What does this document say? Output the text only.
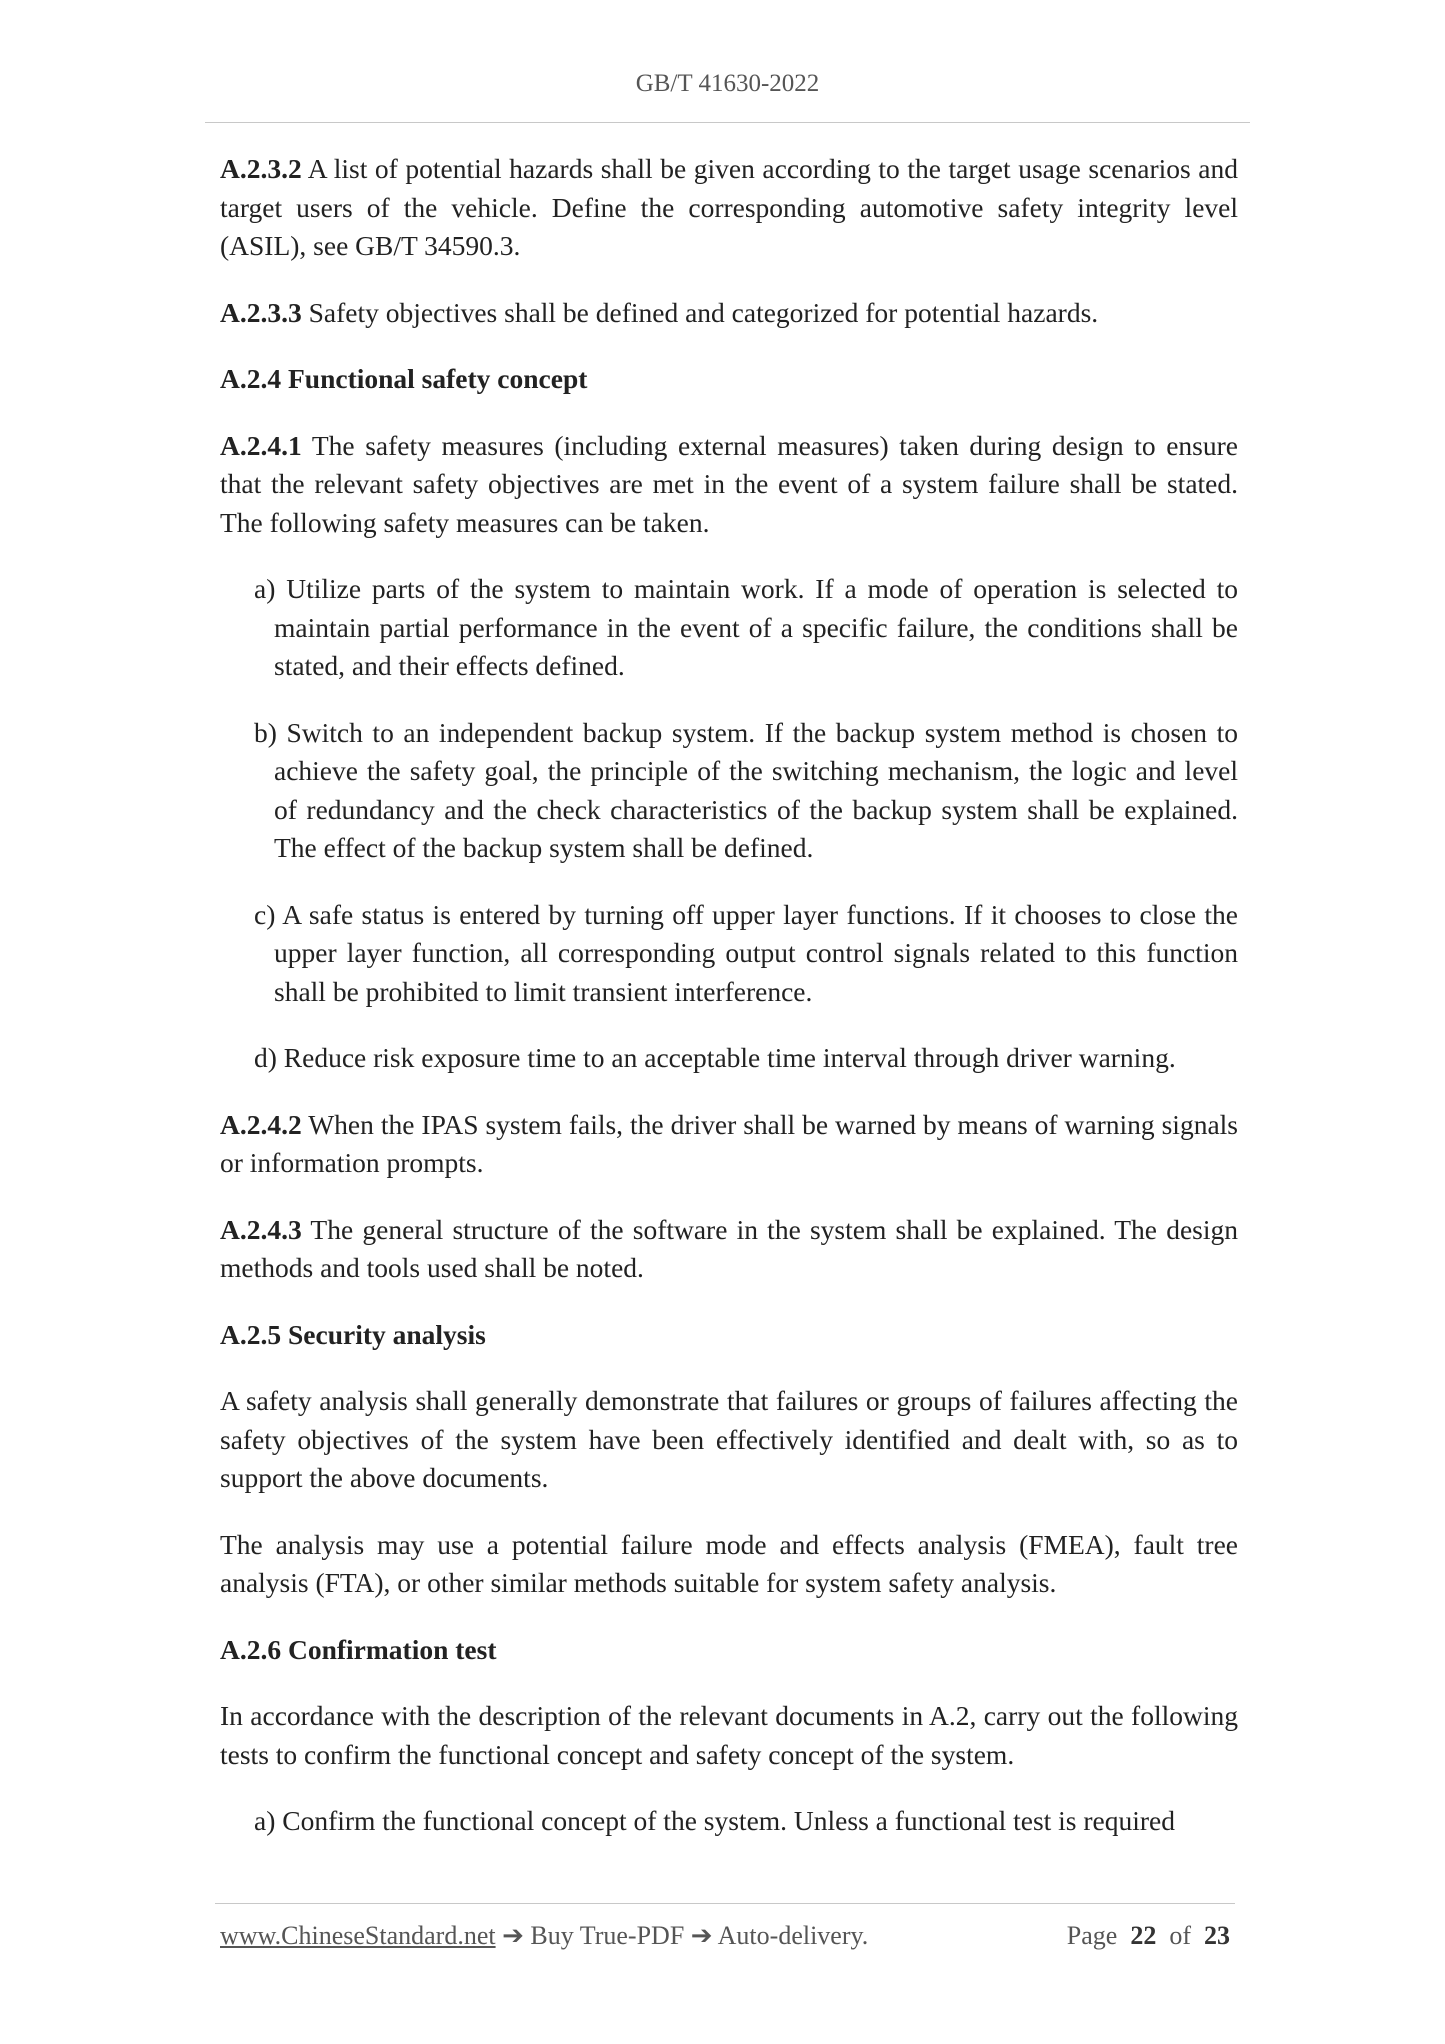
GB/T 41630-2022

A.2.3.2 A list of potential hazards shall be given according to the target usage scenarios and target users of the vehicle. Define the corresponding automotive safety integrity level (ASIL), see GB/T 34590.3.

A.2.3.3 Safety objectives shall be defined and categorized for potential hazards.

A.2.4 Functional safety concept

A.2.4.1 The safety measures (including external measures) taken during design to ensure that the relevant safety objectives are met in the event of a system failure shall be stated. The following safety measures can be taken.

a) Utilize parts of the system to maintain work. If a mode of operation is selected to maintain partial performance in the event of a specific failure, the conditions shall be stated, and their effects defined.

b) Switch to an independent backup system. If the backup system method is chosen to achieve the safety goal, the principle of the switching mechanism, the logic and level of redundancy and the check characteristics of the backup system shall be explained. The effect of the backup system shall be defined.

c) A safe status is entered by turning off upper layer functions. If it chooses to close the upper layer function, all corresponding output control signals related to this function shall be prohibited to limit transient interference.

d) Reduce risk exposure time to an acceptable time interval through driver warning.

A.2.4.2 When the IPAS system fails, the driver shall be warned by means of warning signals or information prompts.

A.2.4.3 The general structure of the software in the system shall be explained. The design methods and tools used shall be noted.

A.2.5 Security analysis

A safety analysis shall generally demonstrate that failures or groups of failures affecting the safety objectives of the system have been effectively identified and dealt with, so as to support the above documents.

The analysis may use a potential failure mode and effects analysis (FMEA), fault tree analysis (FTA), or other similar methods suitable for system safety analysis.

A.2.6 Confirmation test

In accordance with the description of the relevant documents in A.2, carry out the following tests to confirm the functional concept and safety concept of the system.

a) Confirm the functional concept of the system. Unless a functional test is required

www.ChineseStandard.net ➔ Buy True-PDF ➔ Auto-delivery.	Page 22 of 23
